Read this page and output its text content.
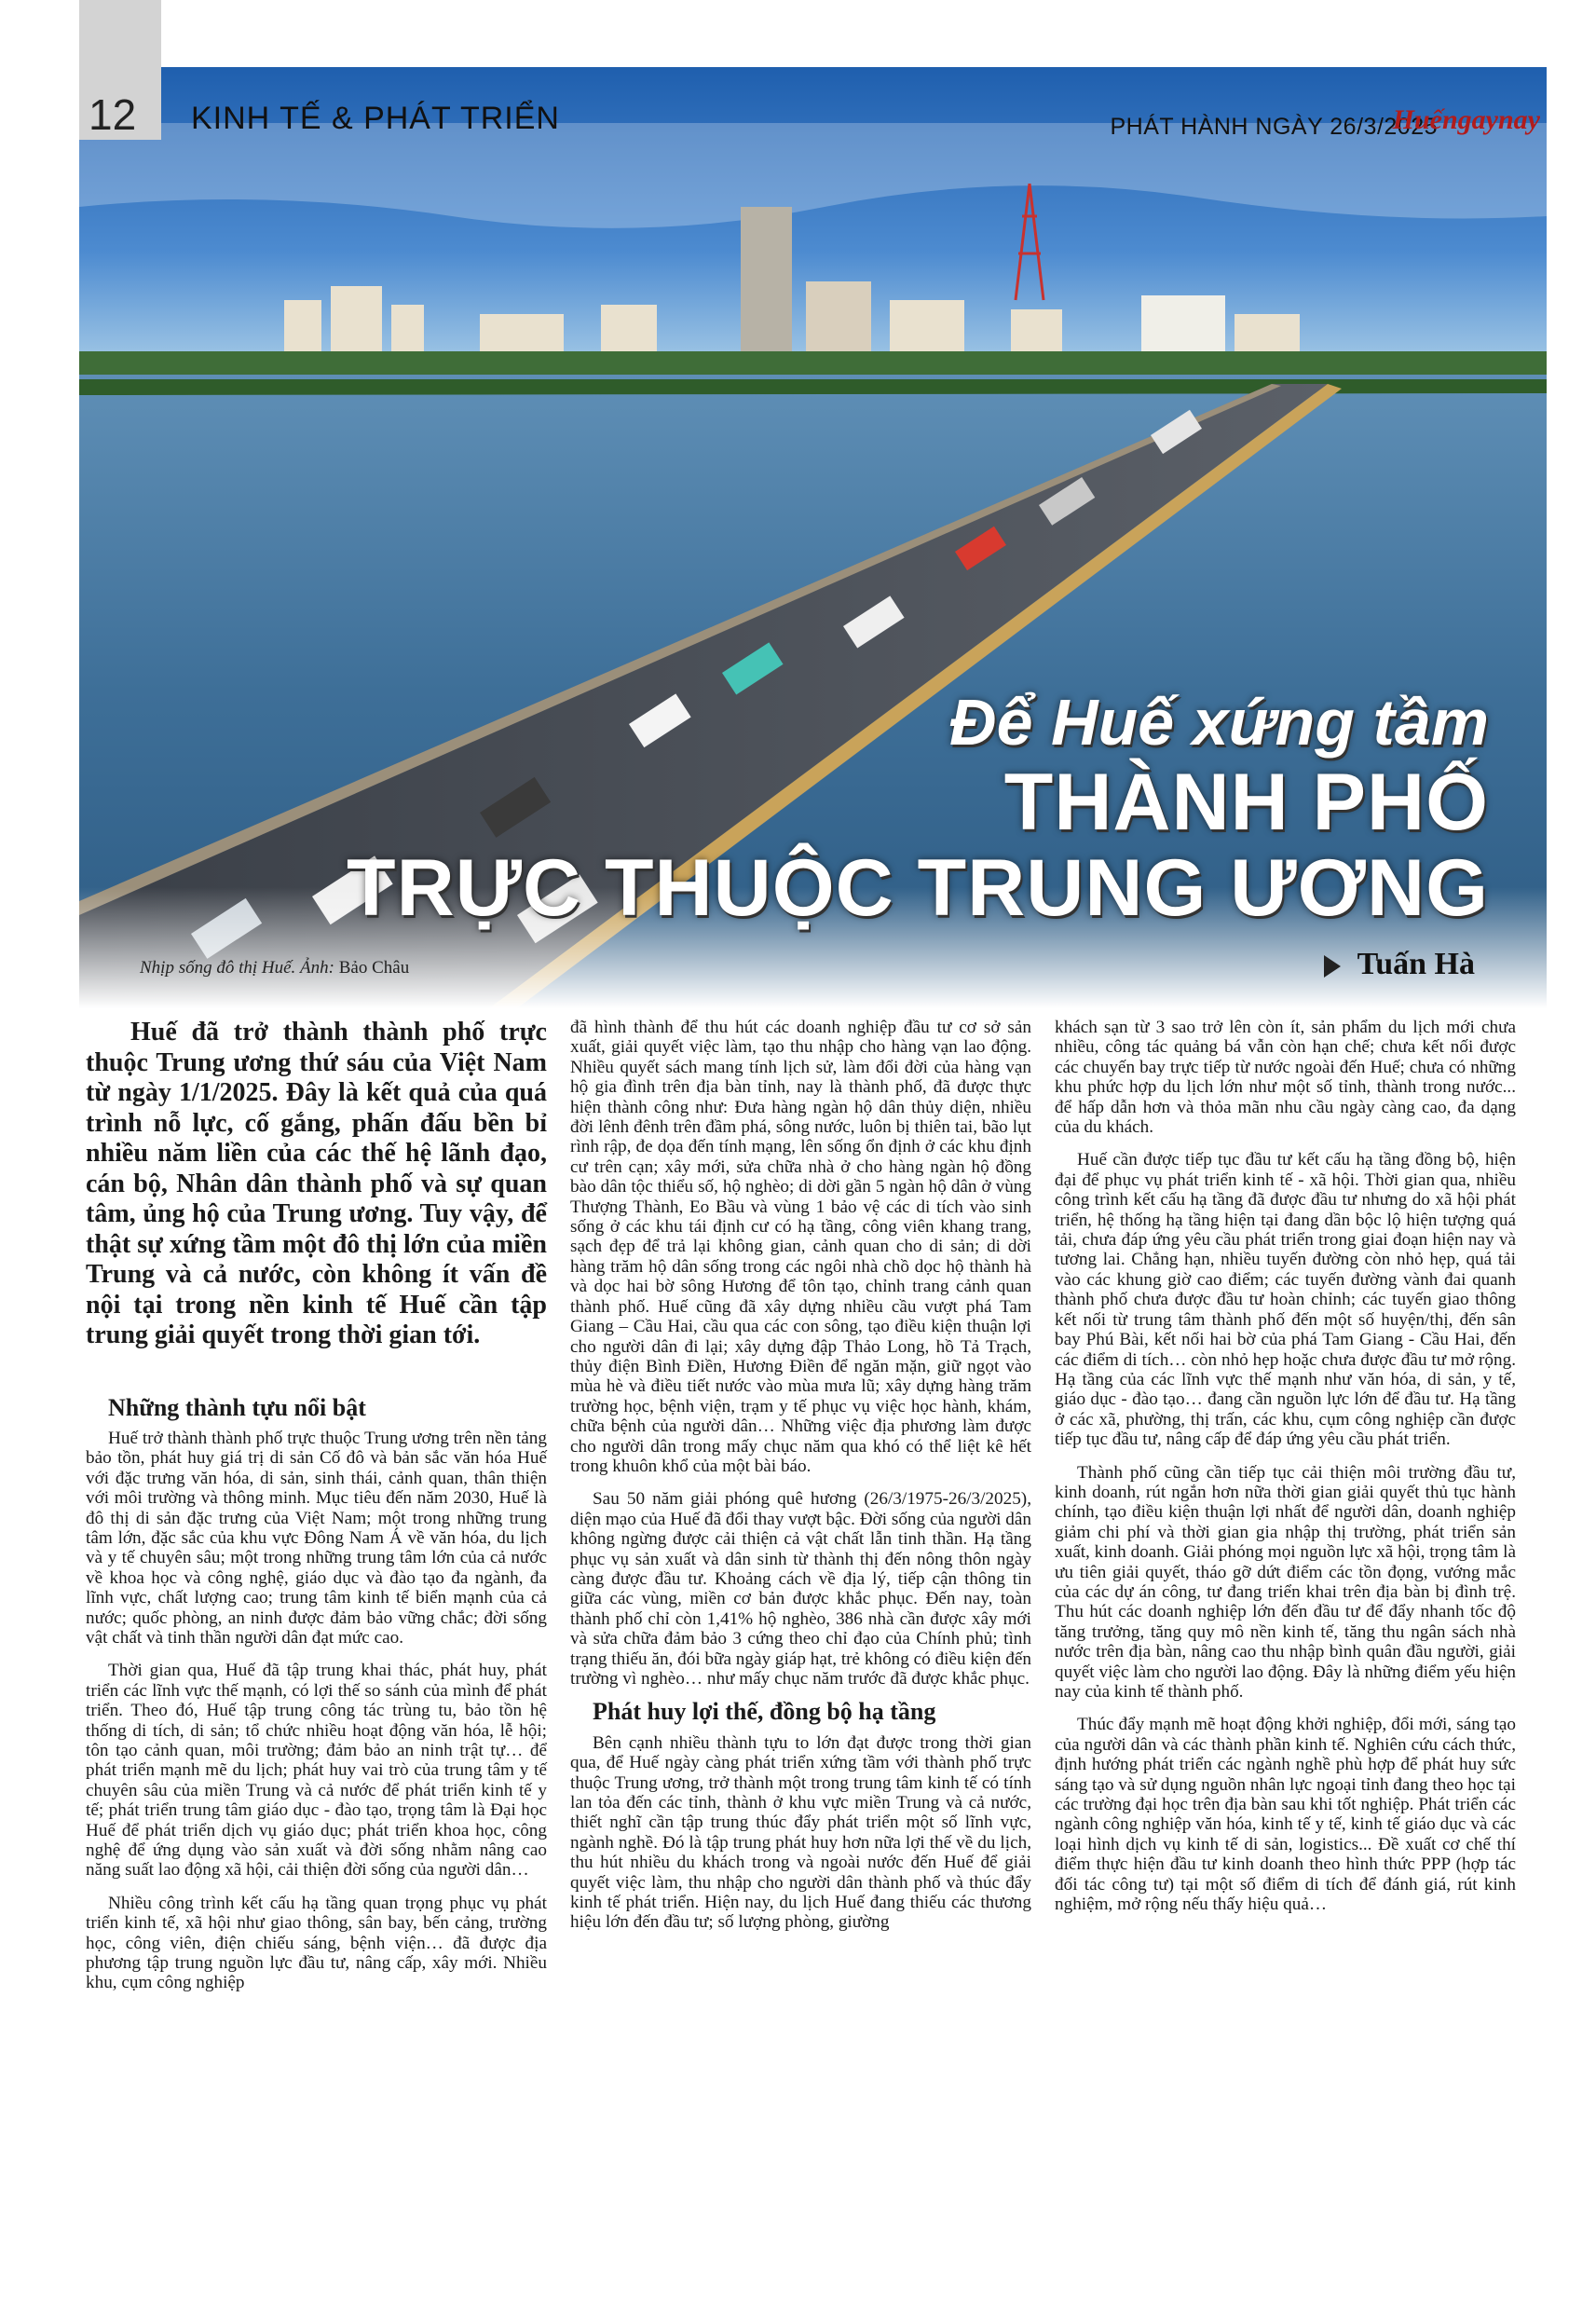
12 KINH TẾ & PHÁT TRIỂN	PHÁT HÀNH NGÀY 26/3/2025
Huếngaynay
Để Huế xứng tầm
THÀNH PHỐ
TRỰC THUỘC TRUNG ƯƠNG
Nhịp sống đô thị Huế. Ảnh: Bảo Châu	Tuấn Hà

Huế đã trở thành thành phố trực thuộc Trung ương thứ sáu của Việt Nam từ ngày 1/1/2025. Đây là kết quả của quá trình nỗ lực, cố gắng, phấn đấu bền bỉ nhiều năm liền của các thế hệ lãnh đạo, cán bộ, Nhân dân thành phố và sự quan tâm, ủng hộ của Trung ương. Tuy vậy, để thật sự xứng tầm một đô thị lớn của miền Trung và cả nước, còn không ít vấn đề nội tại trong nền kinh tế Huế cần tập trung giải quyết trong thời gian tới.

Những thành tựu nổi bật

Huế trở thành thành phố trực thuộc Trung ương trên nền tảng bảo tồn, phát huy giá trị di sản Cố đô và bản sắc văn hóa Huế với đặc trưng văn hóa, di sản, sinh thái, cảnh quan, thân thiện với môi trường và thông minh. Mục tiêu đến năm 2030, Huế là đô thị di sản đặc trưng của Việt Nam; một trong những trung tâm lớn, đặc sắc của khu vực Đông Nam Á về văn hóa, du lịch và y tế chuyên sâu; một trong những trung tâm lớn của cả nước về khoa học và công nghệ, giáo dục và đào tạo đa ngành, đa lĩnh vực, chất lượng cao; trung tâm kinh tế biển mạnh của cả nước; quốc phòng, an ninh được đảm bảo vững chắc; đời sống vật chất và tinh thần người dân đạt mức cao.

Thời gian qua, Huế đã tập trung khai thác, phát huy, phát triển các lĩnh vực thế mạnh, có lợi thế so sánh của mình để phát triển. Theo đó, Huế tập trung công tác trùng tu, bảo tồn hệ thống di tích, di sản; tổ chức nhiều hoạt động văn hóa, lễ hội; tôn tạo cảnh quan, môi trường; đảm bảo an ninh trật tự… để phát triển mạnh mẽ du lịch; phát huy vai trò của trung tâm y tế chuyên sâu của miền Trung và cả nước để phát triển kinh tế y tế; phát triển trung tâm giáo dục - đào tạo, trọng tâm là Đại học Huế để phát triển dịch vụ giáo dục; phát triển khoa học, công nghệ để ứng dụng vào sản xuất và đời sống nhằm nâng cao năng suất lao động xã hội, cải thiện đời sống của người dân…

Nhiều công trình kết cấu hạ tầng quan trọng phục vụ phát triển kinh tế, xã hội như giao thông, sân bay, bến cảng, trường học, công viên, điện chiếu sáng, bệnh viện… đã được địa phương tập trung nguồn lực đầu tư, nâng cấp, xây mới. Nhiều khu, cụm công nghiệp

đã hình thành để thu hút các doanh nghiệp đầu tư cơ sở sản xuất, giải quyết việc làm, tạo thu nhập cho hàng vạn lao động. Nhiều quyết sách mang tính lịch sử, làm đổi đời của hàng vạn hộ gia đình trên địa bàn tỉnh, nay là thành phố, đã được thực hiện thành công như: Đưa hàng ngàn hộ dân thủy diện, nhiều đời lênh đênh trên đầm phá, sông nước, luôn bị thiên tai, bão lụt rình rập, đe dọa đến tính mạng, lên sống ổn định ở các khu định cư trên cạn; xây mới, sửa chữa nhà ở cho hàng ngàn hộ đồng bào dân tộc thiểu số, hộ nghèo; di dời gần 5 ngàn hộ dân ở vùng Thượng Thành, Eo Bầu và vùng 1 bảo vệ các di tích vào sinh sống ở các khu tái định cư có hạ tầng, công viên khang trang, sạch đẹp để trả lại không gian, cảnh quan cho di sản; di dời hàng trăm hộ dân sống trong các ngôi nhà chồ dọc hộ thành hà và dọc hai bờ sông Hương để tôn tạo, chỉnh trang cảnh quan thành phố. Huế cũng đã xây dựng nhiều cầu vượt phá Tam Giang – Cầu Hai, cầu qua các con sông, tạo điều kiện thuận lợi cho người dân đi lại; xây dựng đập Thảo Long, hồ Tả Trạch, thủy điện Bình Điền, Hương Điền để ngăn mặn, giữ ngọt vào mùa hè và điều tiết nước vào mùa mưa lũ; xây dựng hàng trăm trường học, bệnh viện, trạm y tế phục vụ việc học hành, khám, chữa bệnh của người dân… Những việc địa phương làm được cho người dân trong mấy chục năm qua khó có thể liệt kê hết trong khuôn khổ của một bài báo.

Sau 50 năm giải phóng quê hương (26/3/1975-26/3/2025), diện mạo của Huế đã đổi thay vượt bậc. Đời sống của người dân không ngừng được cải thiện cả vật chất lẫn tinh thần. Hạ tầng phục vụ sản xuất và dân sinh từ thành thị đến nông thôn ngày càng được đầu tư. Khoảng cách về địa lý, tiếp cận thông tin giữa các vùng, miền cơ bản được khắc phục. Đến nay, toàn thành phố chỉ còn 1,41% hộ nghèo, 386 nhà cần được xây mới và sửa chữa đảm bảo 3 cứng theo chỉ đạo của Chính phủ; tình trạng thiếu ăn, đói bữa ngày giáp hạt, trẻ không có điều kiện đến trường vì nghèo… như mấy chục năm trước đã được khắc phục.

Phát huy lợi thế, đồng bộ hạ tầng

Bên cạnh nhiều thành tựu to lớn đạt được trong thời gian qua, để Huế ngày càng phát triển xứng tầm với thành phố trực thuộc Trung ương, trở thành một trong trung tâm kinh tế có tính lan tỏa đến các tỉnh, thành ở khu vực miền Trung và cả nước, thiết nghĩ cần tập trung thúc đẩy phát triển một số lĩnh vực, ngành nghề. Đó là tập trung phát huy hơn nữa lợi thế về du lịch, thu hút nhiều du khách trong và ngoài nước đến Huế để giải quyết việc làm, thu nhập cho người dân thành phố và thúc đẩy kinh tế phát triển. Hiện nay, du lịch Huế đang thiếu các thương hiệu lớn đến đầu tư; số lượng phòng, giường

khách sạn từ 3 sao trở lên còn ít, sản phẩm du lịch mới chưa nhiều, công tác quảng bá vẫn còn hạn chế; chưa kết nối được các chuyến bay trực tiếp từ nước ngoài đến Huế; chưa có những khu phức hợp du lịch lớn như một số tỉnh, thành trong nước... để hấp dẫn hơn và thỏa mãn nhu cầu ngày càng cao, đa dạng của du khách.

Huế cần được tiếp tục đầu tư kết cấu hạ tầng đồng bộ, hiện đại để phục vụ phát triển kinh tế - xã hội. Thời gian qua, nhiều công trình kết cấu hạ tầng đã được đầu tư nhưng do xã hội phát triển, hệ thống hạ tầng hiện tại đang dần bộc lộ hiện tượng quá tải, chưa đáp ứng yêu cầu phát triển trong giai đoạn hiện nay và tương lai. Chẳng hạn, nhiều tuyến đường còn nhỏ hẹp, quá tải vào các khung giờ cao điểm; các tuyến đường vành đai quanh thành phố chưa được đầu tư hoàn chỉnh; các tuyến giao thông kết nối từ trung tâm thành phố đến một số huyện/thị, đến sân bay Phú Bài, kết nối hai bờ của phá Tam Giang - Cầu Hai, đến các điểm di tích… còn nhỏ hẹp hoặc chưa được đầu tư mở rộng. Hạ tầng của các lĩnh vực thế mạnh như văn hóa, di sản, y tế, giáo dục - đào tạo… đang cần nguồn lực lớn để đầu tư. Hạ tầng ở các xã, phường, thị trấn, các khu, cụm công nghiệp cần được tiếp tục đầu tư, nâng cấp để đáp ứng yêu cầu phát triển.

Thành phố cũng cần tiếp tục cải thiện môi trường đầu tư, kinh doanh, rút ngắn hơn nữa thời gian giải quyết thủ tục hành chính, tạo điều kiện thuận lợi nhất để người dân, doanh nghiệp giảm chi phí và thời gian gia nhập thị trường, phát triển sản xuất, kinh doanh. Giải phóng mọi nguồn lực xã hội, trọng tâm là ưu tiên giải quyết, tháo gỡ dứt điểm các tồn đọng, vướng mắc của các dự án công, tư đang triển khai trên địa bàn bị đình trệ. Thu hút các doanh nghiệp lớn đến đầu tư để đẩy nhanh tốc độ tăng trưởng, tăng quy mô nền kinh tế, tăng thu ngân sách nhà nước trên địa bàn, nâng cao thu nhập bình quân đầu người, giải quyết việc làm cho người lao động. Đây là những điểm yếu hiện nay của kinh tế thành phố.

Thúc đẩy mạnh mẽ hoạt động khởi nghiệp, đổi mới, sáng tạo của người dân và các thành phần kinh tế. Nghiên cứu cách thức, định hướng phát triển các ngành nghề phù hợp để phát huy sức sáng tạo và sử dụng nguồn nhân lực ngoại tỉnh đang theo học tại các trường đại học trên địa bàn sau khi tốt nghiệp. Phát triển các ngành công nghiệp văn hóa, kinh tế y tế, kinh tế giáo dục và các loại hình dịch vụ kinh tế di sản, logistics... Đề xuất cơ chế thí điểm thực hiện đầu tư kinh doanh theo hình thức PPP (hợp tác đối tác công tư) tại một số điểm di tích để đánh giá, rút kinh nghiệm, mở rộng nếu thấy hiệu quả…
